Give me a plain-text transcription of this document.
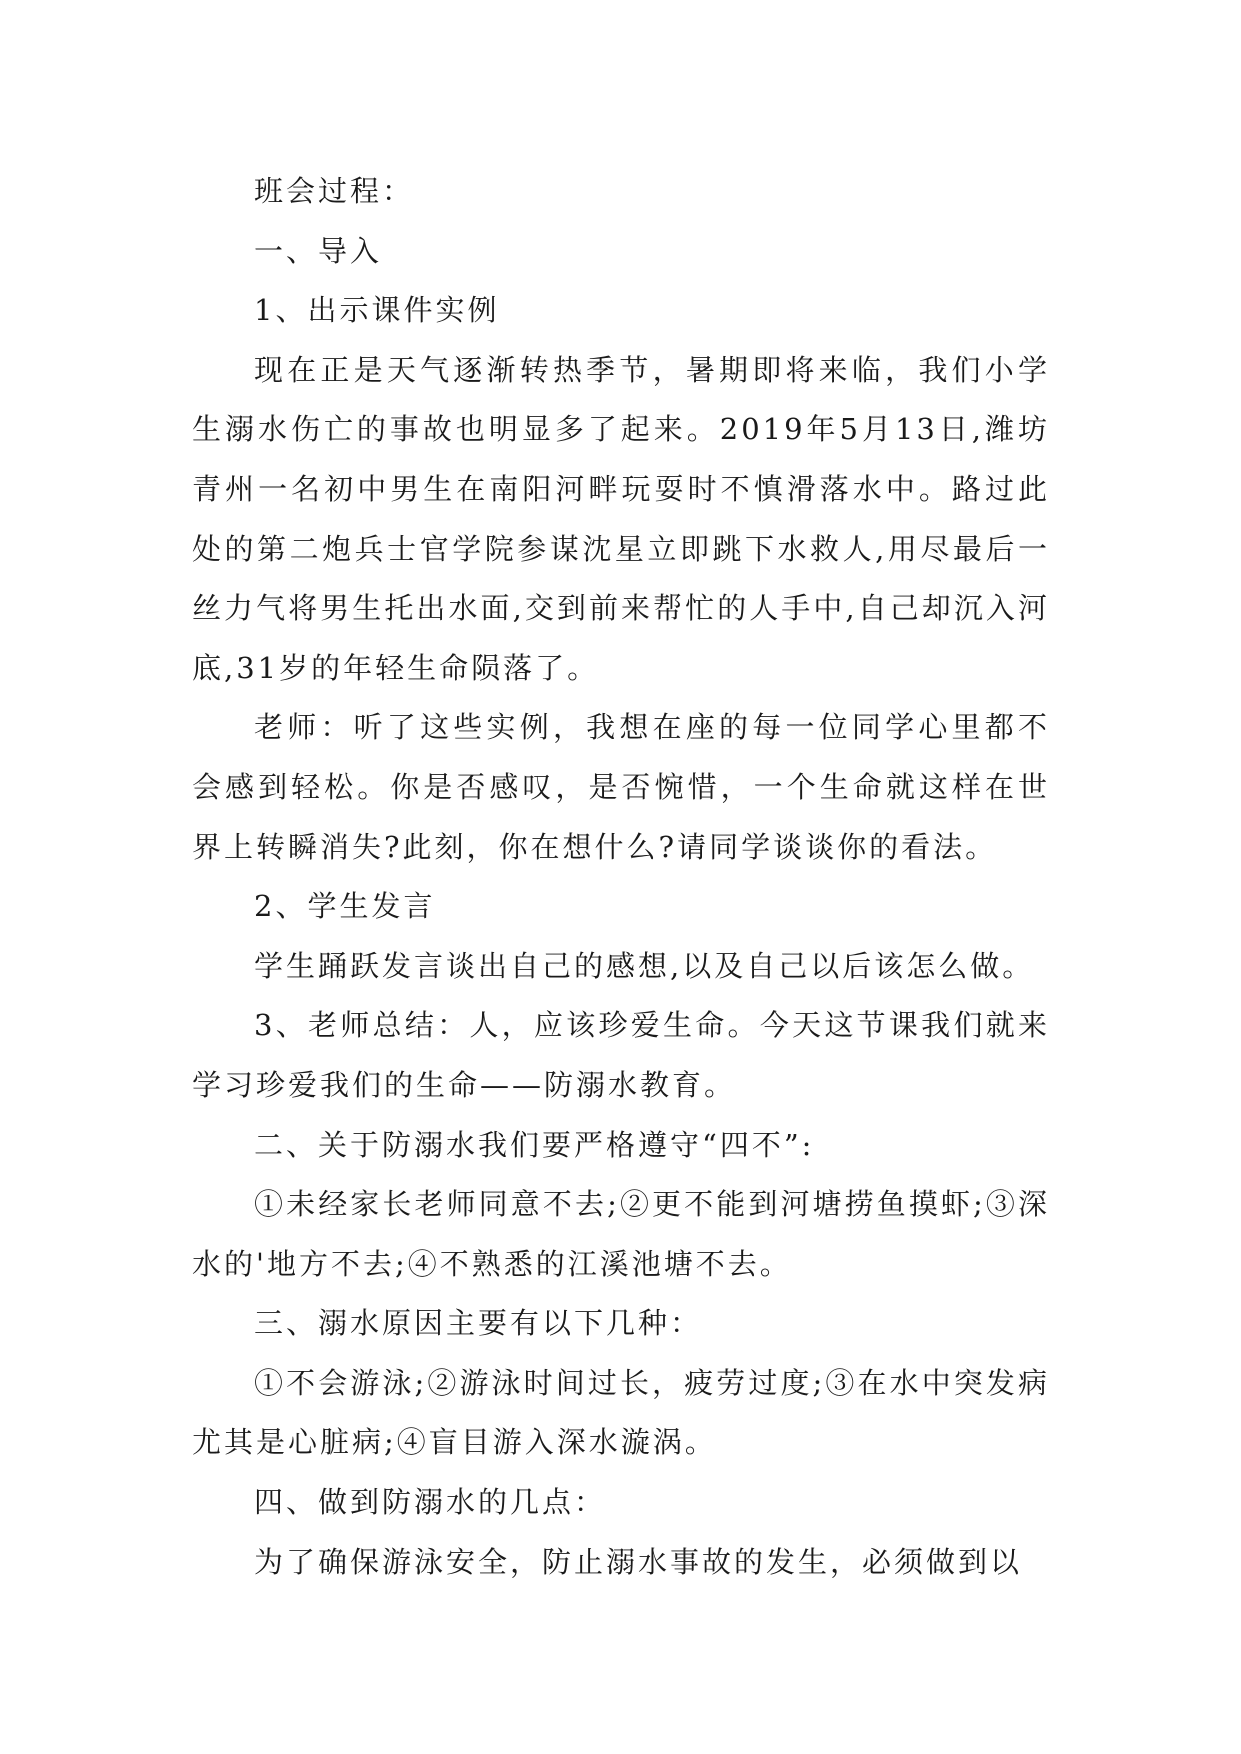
班会过程：

一、导入

1、出示课件实例

现在正是天气逐渐转热季节，暑期即将来临，我们小学生溺水伤亡的事故也明显多了起来。2019年5月13日,潍坊青州一名初中男生在南阳河畔玩耍时不慎滑落水中。路过此处的第二炮兵士官学院参谋沈星立即跳下水救人,用尽最后一丝力气将男生托出水面,交到前来帮忙的人手中,自己却沉入河底,31岁的年轻生命陨落了。

老师：听了这些实例，我想在座的每一位同学心里都不会感到轻松。你是否感叹，是否惋惜，一个生命就这样在世界上转瞬消失?此刻，你在想什么?请同学谈谈你的看法。

2、学生发言

学生踊跃发言谈出自己的感想,以及自己以后该怎么做。

3、老师总结：人，应该珍爱生命。今天这节课我们就来学习珍爱我们的生命——防溺水教育。

二、关于防溺水我们要严格遵守“四不”:

①未经家长老师同意不去;②更不能到河塘捞鱼摸虾;③深水的'地方不去;④不熟悉的江溪池塘不去。

三、溺水原因主要有以下几种：

①不会游泳;②游泳时间过长，疲劳过度;③在水中突发病尤其是心脏病;④盲目游入深水漩涡。

四、做到防溺水的几点：

为了确保游泳安全，防止溺水事故的发生，必须做到以
